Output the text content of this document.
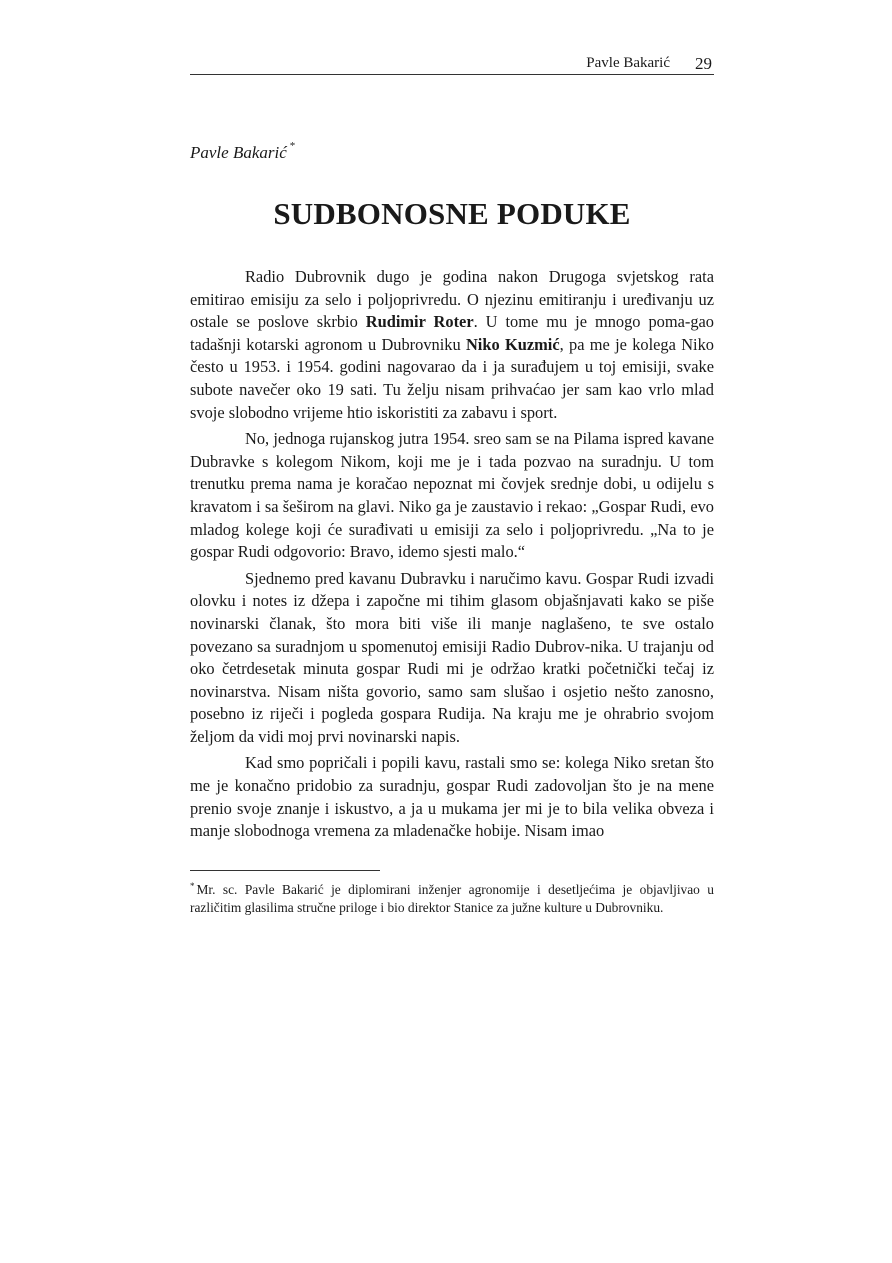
Pavle Bakarić 29
Pavle Bakarić *
SUDBONOSNE PODUKE

Radio Dubrovnik dugo je godina nakon Drugoga svjetskog rata emitirao emisiju za selo i poljoprivredu. O njezinu emitiranju i uređivanju uz ostale se poslove skrbio Rudimir Roter. U tome mu je mnogo poma-gao tadašnji kotarski agronom u Dubrovniku Niko Kuzmić, pa me je kolega Niko često u 1953. i 1954. godini nagovarao da i ja surađujem u toj emisiji, svake subote navečer oko 19 sati. Tu želju nisam prihvaćao jer sam kao vrlo mlad svoje slobodno vrijeme htio iskoristiti za zabavu i sport.

No, jednoga rujanskog jutra 1954. sreo sam se na Pilama ispred kavane Dubravke s kolegom Nikom, koji me je i tada pozvao na suradnju. U tom trenutku prema nama je koračao nepoznat mi čovjek srednje dobi, u odijelu s kravatom i sa šeširom na glavi. Niko ga je zaustavio i rekao: „Gospar Rudi, evo mladog kolege koji će surađivati u emisiji za selo i poljoprivredu. „Na to je gospar Rudi odgovorio: Bravo, idemo sjesti malo.“

Sjednemo pred kavanu Dubravku i naručimo kavu. Gospar Rudi izvadi olovku i notes iz džepa i započne mi tihim glasom objašnjavati kako se piše novinarski članak, što mora biti više ili manje naglašeno, te sve ostalo povezano sa suradnjom u spomenutoj emisiji Radio Dubrov-nika. U trajanju od oko četrdesetak minuta gospar Rudi mi je održao kratki početnički tečaj iz novinarstva. Nisam ništa govorio, samo sam slušao i osjetio nešto zanosno, posebno iz riječi i pogleda gospara Rudija. Na kraju me je ohrabrio svojom željom da vidi moj prvi novinarski napis.

Kad smo popričali i popili kavu, rastali smo se: kolega Niko sretan što me je konačno pridobio za suradnju, gospar Rudi zadovoljan što je na mene prenio svoje znanje i iskustvo, a ja u mukama jer mi je to bila velika obveza i manje slobodnoga vremena za mladenačke hobije. Nisam imao

* Mr. sc. Pavle Bakarić je diplomirani inženjer agronomije i desetljećima je objavljivao u različitim glasilima stručne priloge i bio direktor Stanice za južne kulture u Dubrovniku.
